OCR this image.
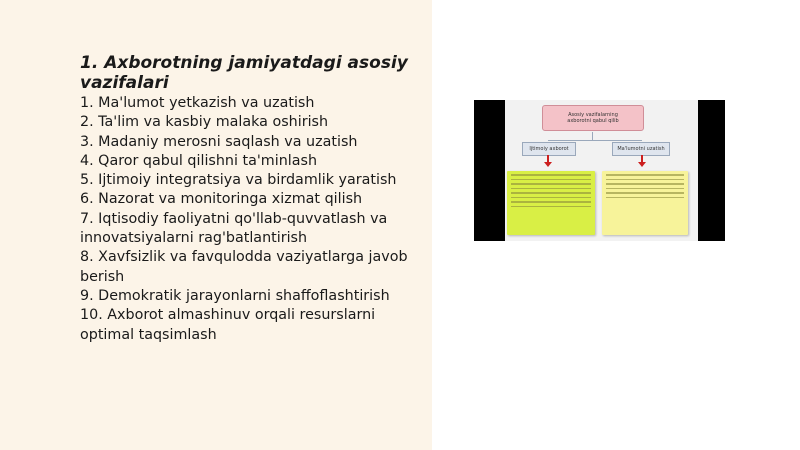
1. Axborotning jamiyatdagi asosiy vazifalari
1. Ma'lumot yetkazish va uzatish
2. Ta'lim va kasbiy malaka oshirish
3. Madaniy merosni saqlash va uzatish
4. Qaror qabul qilishni ta'minlash
5. Ijtimoiy integratsiya va birdamlik yaratish
6. Nazorat va monitoringa xizmat qilish
7. Iqtisodiy faoliyatni qo'llab-quvvatlash va innovatsiyalarni rag'batlantirish
8. Xavfsizlik va favqulodda vaziyatlarga javob berish
9. Demokratik jarayonlarni shaffoflashtirish
10. Axborot almashinuv orqali resurslarni optimal taqsimlash
Asosiy vazifalarning
axborotni qabul qilib
Ijtimoiy axborot	Ma'lumotni uzatish
